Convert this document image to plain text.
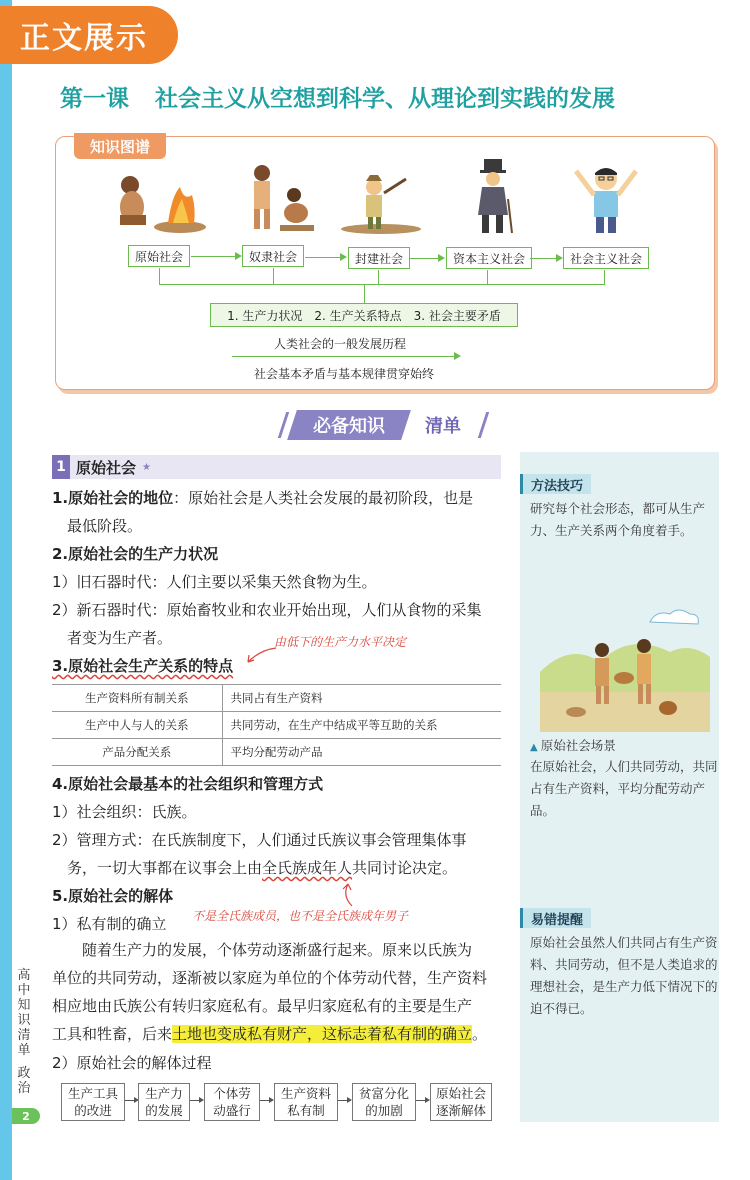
正文展示
第一课 社会主义从空想到科学、从理论到实践的发展
知识图谱
原始社会	奴隶社会	封建社会	资本主义社会	社会主义社会
1. 生产力状况　2. 生产关系特点　3. 社会主要矛盾
人类社会的一般发展历程
社会基本矛盾与基本规律贯穿始终
必备知识	清单
1 原始社会 ★
1.原始社会的地位：原始社会是人类社会发展的最初阶段，也是
最低阶段。
2.原始社会的生产力状况
1）旧石器时代：人们主要以采集天然食物为生。
2）新石器时代：原始畜牧业和农业开始出现，人们从食物的采集
者变为生产者。	由低下的生产力水平决定
3.原始社会生产关系的特点
生产资料所有制关系	共同占有生产资料
生产中人与人的关系	共同劳动，在生产中结成平等互助的关系
产品分配关系	平均分配劳动产品
4.原始社会最基本的社会组织和管理方式
1）社会组织：氏族。
2）管理方式：在氏族制度下，人们通过氏族议事会管理集体事
务，一切大事都在议事会上由全氏族成年人共同讨论决定。
5.原始社会的解体
1）私有制的确立 不是全氏族成员，也不是全氏族成年男子
随着生产力的发展，个体劳动逐渐盛行起来。原来以氏族为
单位的共同劳动，逐渐被以家庭为单位的个体劳动代替，生产资料
相应地由氏族公有转归家庭私有。最早归家庭私有的主要是生产
工具和牲畜，后来土地也变成私有财产，这标志着私有制的确立。
2）原始社会的解体过程
生产工具
的改进
生产力
的发展
个体劳
动盛行
生产资料
私有制
贫富分化
的加剧
原始社会
逐渐解体
方法技巧
研究每个社会形态，都可从生产力、生产关系两个角度着手。
▲ 原始社会场景
在原始社会，人们共同劳动，共同占有生产资料，平均分配劳动产品。
易错提醒
原始社会虽然人们共同占有生产资料、共同劳动，但不是人类追求的理想社会，是生产力低下情况下的迫不得已。
高
中
知
识
清
单
政
治
2
